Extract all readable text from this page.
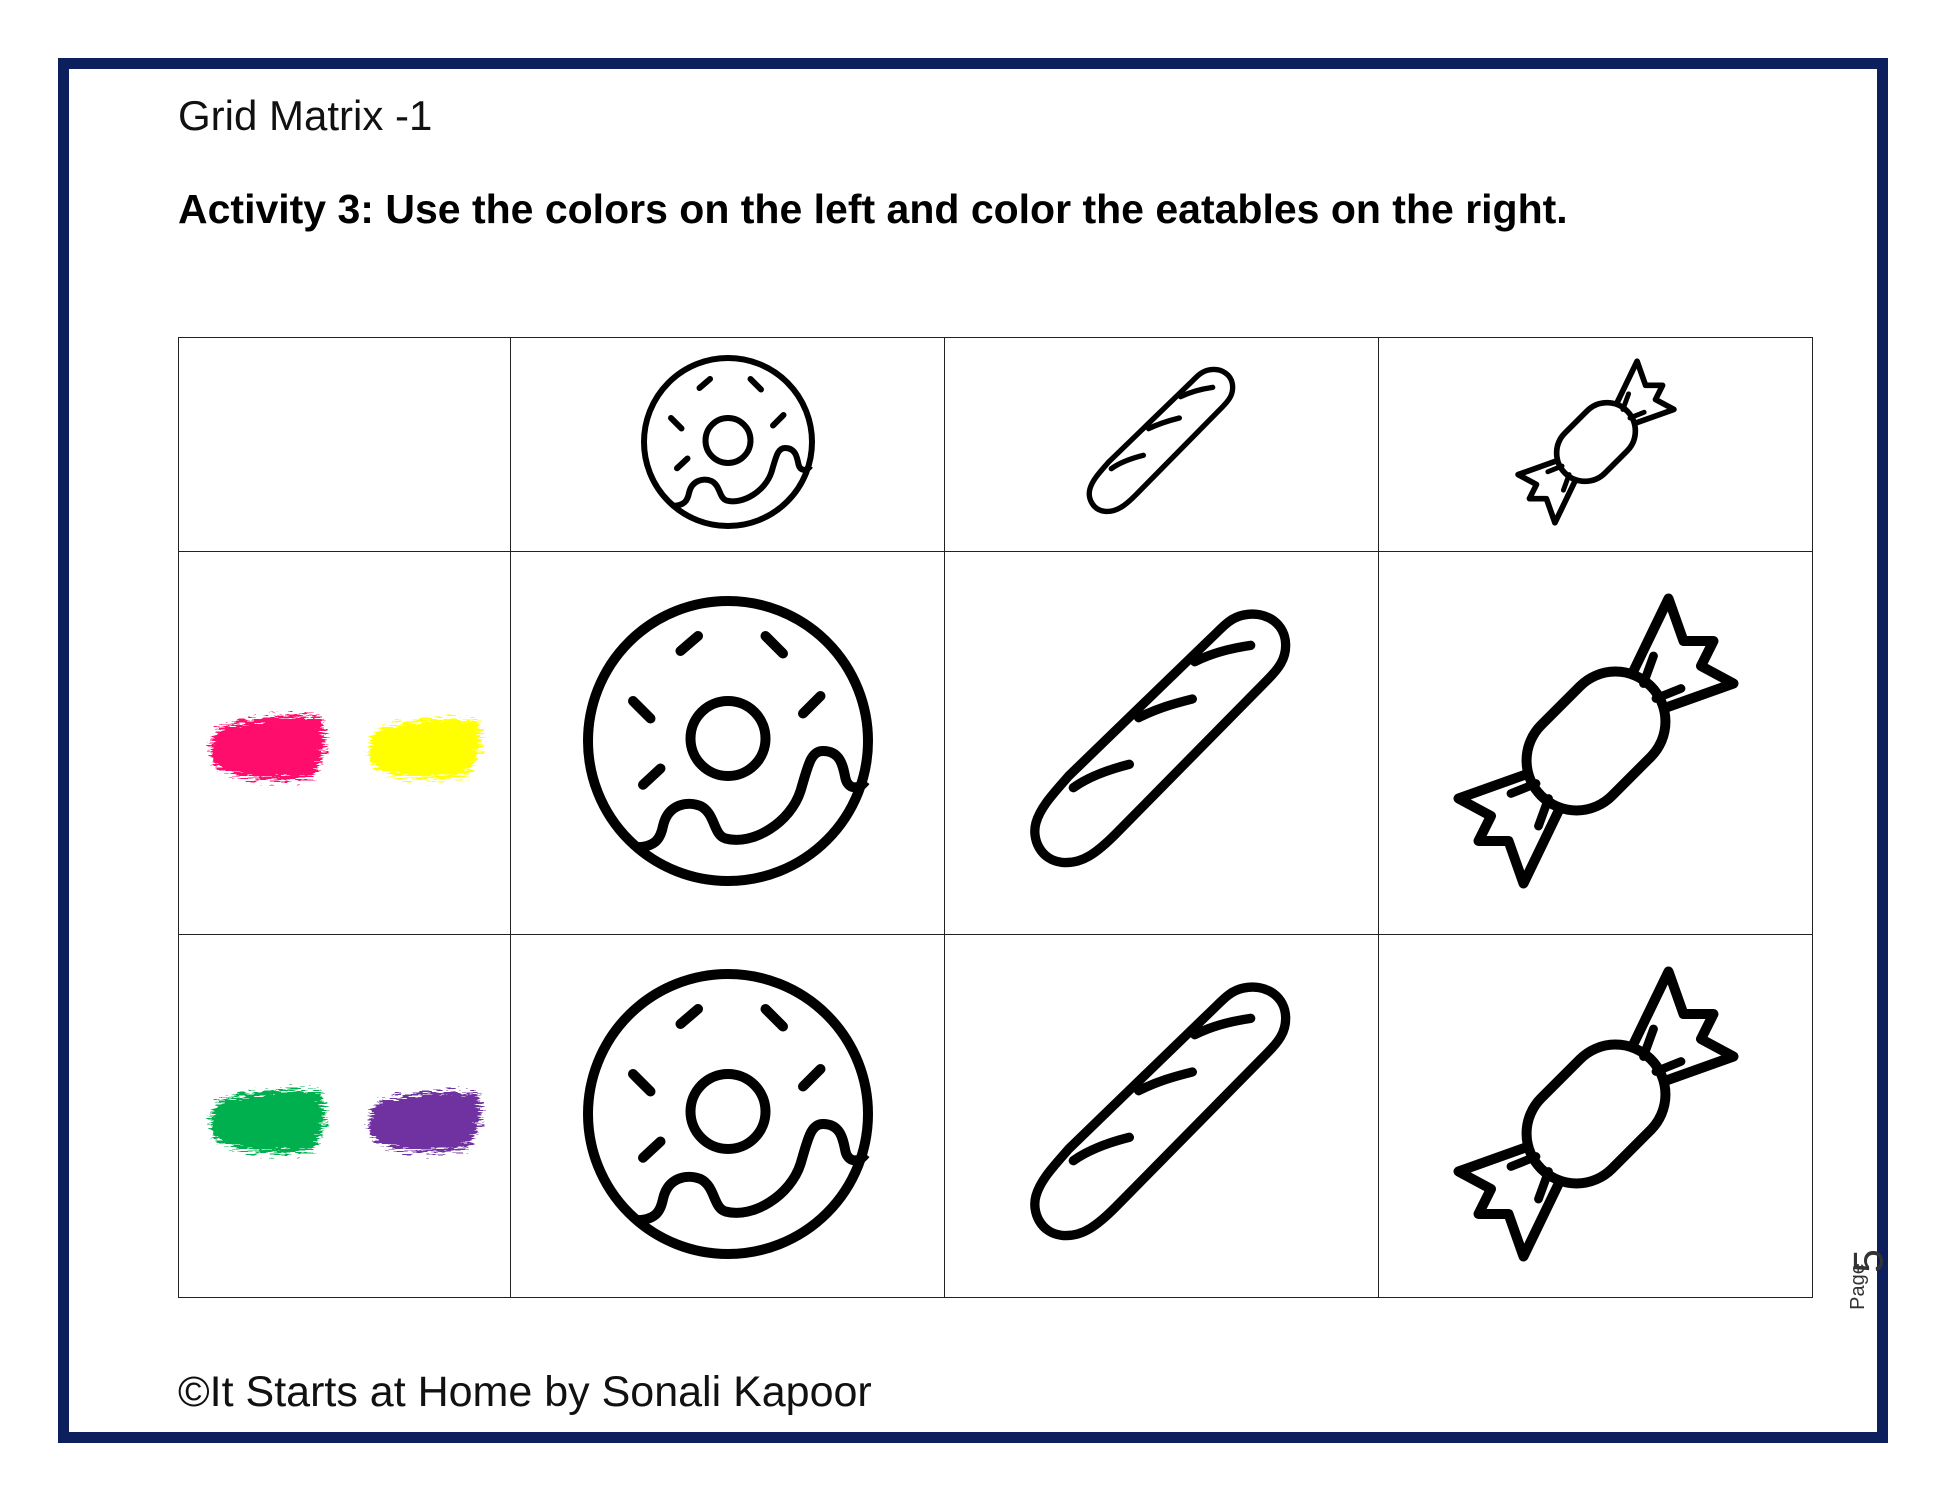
Grid Matrix -1
Activity 3: Use the colors on the left and color the eatables on the right.

©It Starts at Home by Sonali Kapoor
Page
5
